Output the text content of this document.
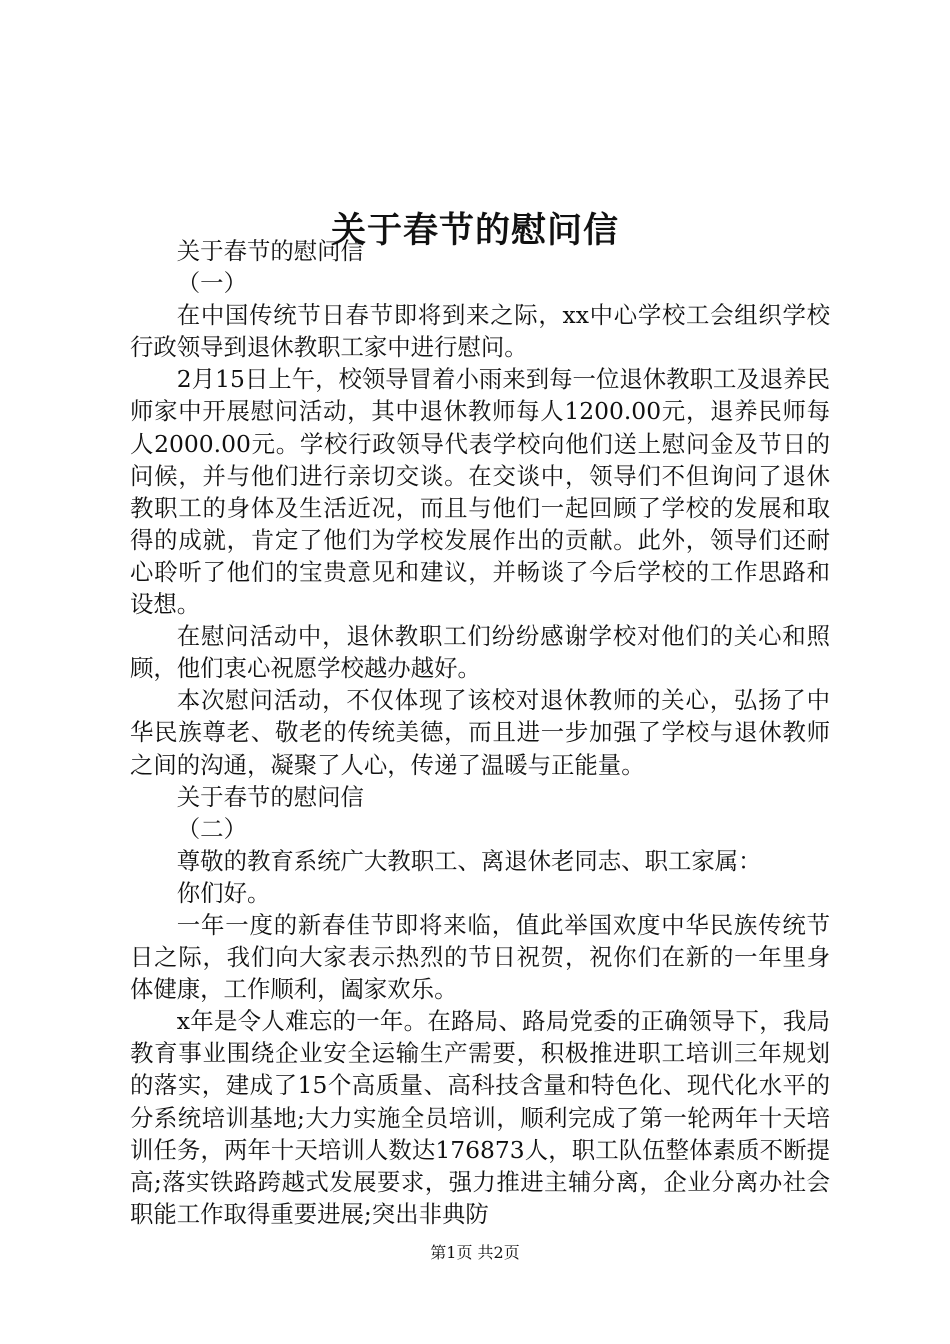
关于春节的慰问信

关于春节的慰问信

（一）

在中国传统节日春节即将到来之际，xx中心学校工会组织学校行政领导到退休教职工家中进行慰问。

2月15日上午，校领导冒着小雨来到每一位退休教职工及退养民师家中开展慰问活动，其中退休教师每人1200.00元，退养民师每人2000.00元。学校行政领导代表学校向他们送上慰问金及节日的问候，并与他们进行亲切交谈。在交谈中，领导们不但询问了退休教职工的身体及生活近况，而且与他们一起回顾了学校的发展和取得的成就，肯定了他们为学校发展作出的贡献。此外，领导们还耐心聆听了他们的宝贵意见和建议，并畅谈了今后学校的工作思路和设想。

在慰问活动中，退休教职工们纷纷感谢学校对他们的关心和照顾，他们衷心祝愿学校越办越好。

本次慰问活动，不仅体现了该校对退休教师的关心，弘扬了中华民族尊老、敬老的传统美德，而且进一步加强了学校与退休教师之间的沟通，凝聚了人心，传递了温暖与正能量。

关于春节的慰问信

（二）

尊敬的教育系统广大教职工、离退休老同志、职工家属：

你们好。

一年一度的新春佳节即将来临，值此举国欢度中华民族传统节日之际，我们向大家表示热烈的节日祝贺，祝你们在新的一年里身体健康，工作顺利，阖家欢乐。

x年是令人难忘的一年。在路局、路局党委的正确领导下，我局教育事业围绕企业安全运输生产需要，积极推进职工培训三年规划的落实，建成了15个高质量、高科技含量和特色化、现代化水平的分系统培训基地;大力实施全员培训，顺利完成了第一轮两年十天培训任务，两年十天培训人数达176873人，职工队伍整体素质不断提高;落实铁路跨越式发展要求，强力推进主辅分离，企业分离办社会职能工作取得重要进展;突出非典防

第1页 共2页
